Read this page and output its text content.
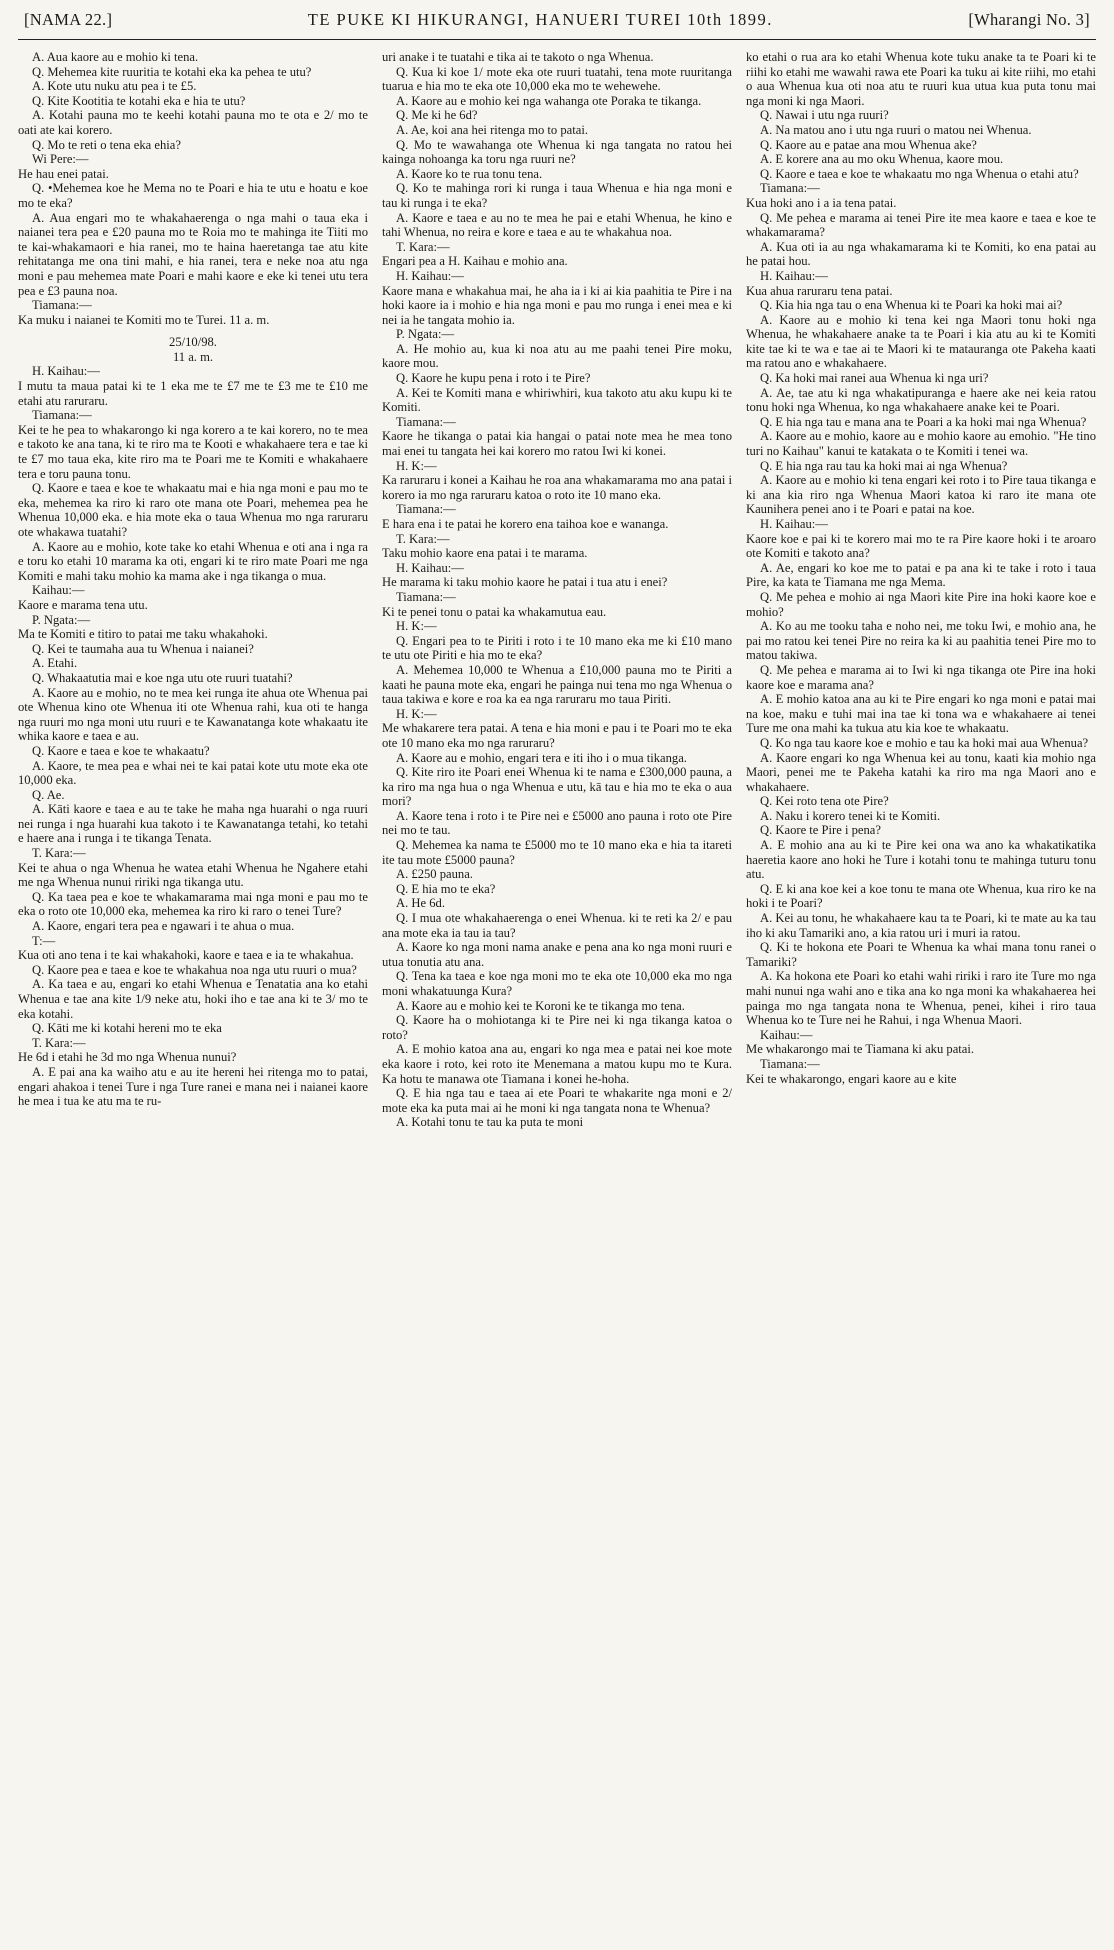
[NAMA 22.]	TE PUKE KI HIKURANGI, HANUERI TUREI 10th 1899.	[Wharangi No. 3]

A. Aua kaore au e mohio ki tena.

Q. Mehemea kite ruuritia te kotahi eka ka pehea te utu?

A. Kote utu nuku atu pea i te £5.

Q. Kite Kootitia te kotahi eka e hia te utu?

A. Kotahi pauna mo te keehi kotahi pauna mo te ota e 2/ mo te oati ate kai korero.

Q. Mo te reti o tena eka ehia?

Wi Pere:—

He hau enei patai.

Q. •Mehemea koe he Mema no te Poari e hia te utu e hoatu e koe mo te eka?

A. Aua engari mo te whakahaerenga o nga mahi o taua eka i naianei tera pea e £20 pauna mo te Roia mo te mahinga ite Tiiti mo te kai-whakamaori e hia ranei, mo te haina haeretanga tae atu kite rehitatanga me ona tini mahi, e hia ranei, tera e neke noa atu nga moni e pau mehemea mate Poari e mahi kaore e eke ki tenei utu tera pea e £3 pauna noa.

Tiamana:—

Ka muku i naianei te Komiti mo te Turei. 11 a. m.

25/10/98.

11 a. m.

H. Kaihau:—

I mutu ta maua patai ki te 1 eka me te £7 me te £3 me te £10 me etahi atu raruraru.

Tiamana:—

Kei te he pea to whakarongo ki nga korero a te kai korero, no te mea e takoto ke ana tana, ki te riro ma te Kooti e whakahaere tera e tae ki te £7 mo taua eka, kite riro ma te Poari me te Komiti e whakahaere tera e toru pauna tonu.

Q. Kaore e taea e koe te whakaatu mai e hia nga moni e pau mo te eka, mehemea ka riro ki raro ote mana ote Poari, mehemea pea he Whenua 10,000 eka. e hia mote eka o taua Whenua mo nga raruraru ote whakawa tuatahi?

A. Kaore au e mohio, kote take ko etahi Whenua e oti ana i nga ra e toru ko etahi 10 marama ka oti, engari ki te riro mate Poari me nga Komiti e mahi taku mohio ka mama ake i nga tikanga o mua.

Kaihau:—

Kaore e marama tena utu.

P. Ngata:—

Ma te Komiti e titiro to patai me taku whakahoki.

Q. Kei te taumaha aua tu Whenua i naianei?

A. Etahi.

Q. Whakaatutia mai e koe nga utu ote ruuri tuatahi?

A. Kaore au e mohio, no te mea kei runga ite ahua ote Whenua pai ote Whenua kino ote Whenua iti ote Whenua rahi, kua oti te hanga nga ruuri mo nga moni utu ruuri e te Kawanatanga kote whakaatu ite whika kaore e taea e au.

Q. Kaore e taea e koe te whakaatu?

A. Kaore, te mea pea e whai nei te kai patai kote utu mote eka ote 10,000 eka.

Q. Ae.

A. Kāti kaore e taea e au te take he maha nga huarahi o nga ruuri nei runga i nga huarahi kua takoto i te Kawanatanga tetahi, ko tetahi e haere ana i runga i te tikanga Tenata.

T. Kara:—

Kei te ahua o nga Whenua he watea etahi Whenua he Ngahere etahi me nga Whenua nunui ririki nga tikanga utu.

Q. Ka taea pea e koe te whakamarama mai nga moni e pau mo te eka o roto ote 10,000 eka, mehemea ka riro ki raro o tenei Ture?

A. Kaore, engari tera pea e ngawari i te ahua o mua.

T:—

Kua oti ano tena i te kai whakahoki, kaore e taea e ia te whakahua.

Q. Kaore pea e taea e koe te whakahua noa nga utu ruuri o mua?

A. Ka taea e au, engari ko etahi Whenua e Tenatatia ana ko etahi Whenua e tae ana kite 1/9 neke atu, hoki iho e tae ana ki te 3/ mo te eka kotahi.

Q. Kāti me ki kotahi hereni mo te eka

T. Kara:—

He 6d i etahi he 3d mo nga Whenua nunui?

A. E pai ana ka waiho atu e au ite hereni hei ritenga mo to patai, engari ahakoa i tenei Ture i nga Ture ranei e mana nei i naianei kaore he mea i tua ke atu ma te ru-

uri anake i te tuatahi e tika ai te takoto o nga Whenua.

Q. Kua ki koe 1/ mote eka ote ruuri tuatahi, tena mote ruuritanga tuarua e hia mo te eka ote 10,000 eka mo te wehewehe.

A. Kaore au e mohio kei nga wahanga ote Poraka te tikanga.

Q. Me ki he 6d?

A. Ae, koi ana hei ritenga mo to patai.

Q. Mo te wawahanga ote Whenua ki nga tangata no ratou hei kainga nohoanga ka toru nga ruuri ne?

A. Kaore ko te rua tonu tena.

Q. Ko te mahinga rori ki runga i taua Whenua e hia nga moni e tau ki runga i te eka?

A. Kaore e taea e au no te mea he pai e etahi Whenua, he kino e tahi Whenua, no reira e kore e taea e au te whakahua noa.

T. Kara:—

Engari pea a H. Kaihau e mohio ana.

H. Kaihau:—

Kaore mana e whakahua mai, he aha ia i ki ai kia paahitia te Pire i na hoki kaore ia i mohio e hia nga moni e pau mo runga i enei mea e ki nei ia he tangata mohio ia.

P. Ngata:—

A. He mohio au, kua ki noa atu au me paahi tenei Pire moku, kaore mou.

Q. Kaore he kupu pena i roto i te Pire?

A. Kei te Komiti mana e whiriwhiri, kua takoto atu aku kupu ki te Komiti.

Tiamana:—

Kaore he tikanga o patai kia hangai o patai note mea he mea tono mai enei tu tangata hei kai korero mo ratou Iwi ki konei.

H. K:—

Ka raruraru i konei a Kaihau he roa ana whakamarama mo ana patai i korero ia mo nga raruraru katoa o roto ite 10 mano eka.

Tiamana:—

E hara ena i te patai he korero ena taihoa koe e wananga.

T. Kara:—

Taku mohio kaore ena patai i te marama.

H. Kaihau:—

He marama ki taku mohio kaore he patai i tua atu i enei?

Tiamana:—

Ki te penei tonu o patai ka whakamutua eau.

H. K:—

Q. Engari pea to te Piriti i roto i te 10 mano eka me ki £10 mano te utu ote Piriti e hia mo te eka?

A. Mehemea 10,000 te Whenua a £10,000 pauna mo te Piriti a kaati he pauna mote eka, engari he painga nui tena mo nga Whenua o taua takiwa e kore e roa ka ea nga raruraru mo taua Piriti.

H. K:—

Me whakarere tera patai. A tena e hia moni e pau i te Poari mo te eka ote 10 mano eka mo nga raruraru?

A. Kaore au e mohio, engari tera e iti iho i o mua tikanga.

Q. Kite riro ite Poari enei Whenua ki te nama e £300,000 pauna, a ka riro ma nga hua o nga Whenua e utu, kā tau e hia mo te eka o aua mori?

A. Kaore tena i roto i te Pire nei e £5000 ano pauna i roto ote Pire nei mo te tau.

Q. Mehemea ka nama te £5000 mo te 10 mano eka e hia ta itareti ite tau mote £5000 pauna?

A. £250 pauna.

Q. E hia mo te eka?

A. He 6d.

Q. I mua ote whakahaerenga o enei Whenua. ki te reti ka 2/ e pau ana mote eka ia tau ia tau?

A. Kaore ko nga moni nama anake e pena ana ko nga moni ruuri e utua tonutia atu ana.

Q. Tena ka taea e koe nga moni mo te eka ote 10,000 eka mo nga moni whakatuunga Kura?

A. Kaore au e mohio kei te Koroni ke te tikanga mo tena.

Q. Kaore ha o mohiotanga ki te Pire nei ki nga tikanga katoa o roto?

A. E mohio katoa ana au, engari ko nga mea e patai nei koe mote eka kaore i roto, kei roto ite Menemana a matou kupu mo te Kura. Ka hotu te manawa ote Tiamana i konei he-hoha.

Q. E hia nga tau e taea ai ete Poari te whakarite nga moni e 2/ mote eka ka puta mai ai he moni ki nga tangata nona te Whenua?

A. Kotahi tonu te tau ka puta te moni

ko etahi o rua ara ko etahi Whenua kote tuku anake ta te Poari ki te riihi ko etahi me wawahi rawa ete Poari ka tuku ai kite riihi, mo etahi o aua Whenua kua oti noa atu te ruuri kua utua kua puta tonu mai nga moni ki nga Maori.

Q. Nawai i utu nga ruuri?

A. Na matou ano i utu nga ruuri o matou nei Whenua.

Q. Kaore au e patae ana mou Whenua ake?

A. E korere ana au mo oku Whenua, kaore mou.

Q. Kaore e taea e koe te whakaatu mo nga Whenua o etahi atu?

Tiamana:—

Kua hoki ano i a ia tena patai.

Q. Me pehea e marama ai tenei Pire ite mea kaore e taea e koe te whakamarama?

A. Kua oti ia au nga whakamarama ki te Komiti, ko ena patai au he patai hou.

H. Kaihau:—

Kua ahua raruraru tena patai.

Q. Kia hia nga tau o ena Whenua ki te Poari ka hoki mai ai?

A. Kaore au e mohio ki tena kei nga Maori tonu hoki nga Whenua, he whakahaere anake ta te Poari i kia atu au ki te Komiti kite tae ki te wa e tae ai te Maori ki te matauranga ote Pakeha kaati ma ratou ano e whakahaere.

Q. Ka hoki mai ranei aua Whenua ki nga uri?

A. Ae, tae atu ki nga whakatipuranga e haere ake nei keia ratou tonu hoki nga Whenua, ko nga whakahaere anake kei te Poari.

Q. E hia nga tau e mana ana te Poari a ka hoki mai nga Whenua?

A. Kaore au e mohio, kaore au e mohio kaore au emohio. "He tino turi no Kaihau" kanui te katakata o te Komiti i tenei wa.

Q. E hia nga rau tau ka hoki mai ai nga Whenua?

A. Kaore au e mohio ki tena engari kei roto i to Pire taua tikanga e ki ana kia riro nga Whenua Maori katoa ki raro ite mana ote Kaunihera penei ano i te Poari e patai na koe.

H. Kaihau:—

Kaore koe e pai ki te korero mai mo te ra Pire kaore hoki i te aroaro ote Komiti e takoto ana?

A. Ae, engari ko koe me to patai e pa ana ki te take i roto i taua Pire, ka kata te Tiamana me nga Mema.

Q. Me pehea e mohio ai nga Maori kite Pire ina hoki kaore koe e mohio?

A. Ko au me tooku taha e noho nei, me toku Iwi, e mohio ana, he pai mo ratou kei tenei Pire no reira ka ki au paahitia tenei Pire mo to matou takiwa.

Q. Me pehea e marama ai to Iwi ki nga tikanga ote Pire ina hoki kaore koe e marama ana?

A. E mohio katoa ana au ki te Pire engari ko nga moni e patai mai na koe, maku e tuhi mai ina tae ki tona wa e whakahaere ai tenei Ture me ona mahi ka tukua atu kia koe te whakaatu.

Q. Ko nga tau kaore koe e mohio e tau ka hoki mai aua Whenua?

A. Kaore engari ko nga Whenua kei au tonu, kaati kia mohio nga Maori, penei me te Pakeha katahi ka riro ma nga Maori ano e whakahaere.

Q. Kei roto tena ote Pire?

A. Naku i korero tenei ki te Komiti.

Q. Kaore te Pire i pena?

A. E mohio ana au ki te Pire kei ona wa ano ka whakatikatika haeretia kaore ano hoki he Ture i kotahi tonu te mahinga tuturu tonu atu.

Q. E ki ana koe kei a koe tonu te mana ote Whenua, kua riro ke na hoki i te Poari?

A. Kei au tonu, he whakahaere kau ta te Poari, ki te mate au ka tau iho ki aku Tamariki ano, a kia ratou uri i muri ia ratou.

Q. Ki te hokona ete Poari te Whenua ka whai mana tonu ranei o Tamariki?

A. Ka hokona ete Poari ko etahi wahi ririki i raro ite Ture mo nga mahi nunui nga wahi ano e tika ana ko nga moni ka whakahaerea hei painga mo nga tangata nona te Whenua, penei, kihei i riro taua Whenua ko te Ture nei he Rahui, i nga Whenua Maori.

Kaihau:—

Me whakarongo mai te Tiamana ki aku patai.

Tiamana:—

Kei te whakarongo, engari kaore au e kite
